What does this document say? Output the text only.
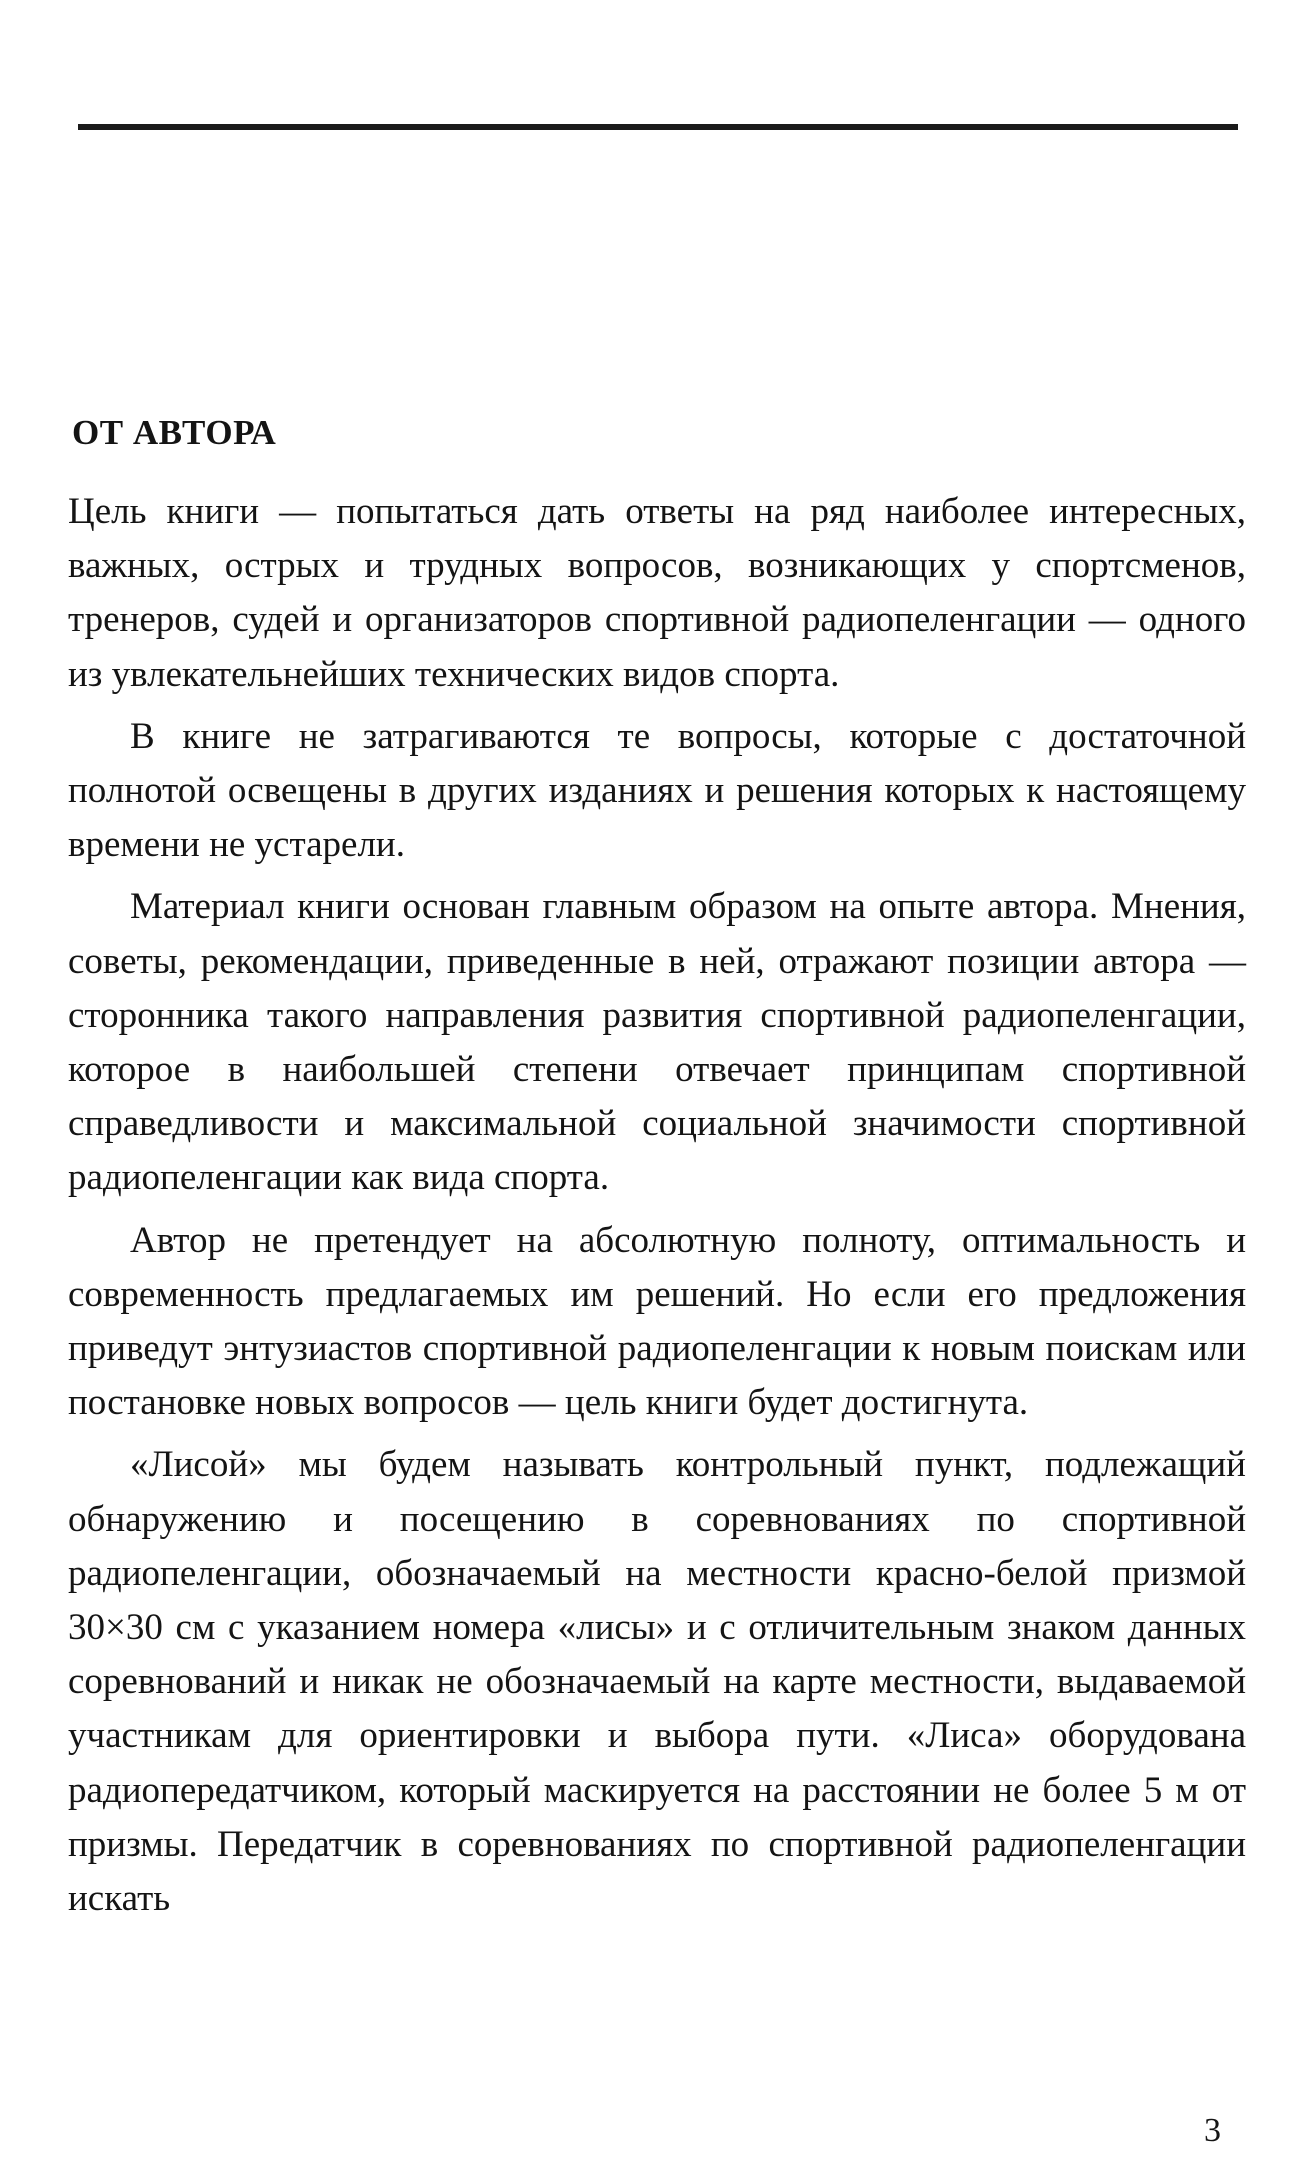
ОТ АВТОРА

Цель книги — попытаться дать ответы на ряд наиболее интересных, важных, острых и трудных вопросов, возникающих у спортсменов, тренеров, судей и организаторов спортивной радиопеленгации — одного из увлекательнейших технических видов спорта.

В книге не затрагиваются те вопросы, которые с достаточной полнотой освещены в других изданиях и решения которых к настоящему времени не устарели.

Материал книги основан главным образом на опыте автора. Мнения, советы, рекомендации, приведенные в ней, отражают позиции автора — сторонника такого направления развития спортивной радиопеленгации, которое в наибольшей степени отвечает принципам спортивной справедливости и максимальной социальной значимости спортивной радиопеленгации как вида спорта.

Автор не претендует на абсолютную полноту, оптимальность и современность предлагаемых им решений. Но если его предложения приведут энтузиастов спортивной радиопеленгации к новым поискам или постановке новых вопросов — цель книги будет достигнута.

«Лисой» мы будем называть контрольный пункт, подлежащий обнаружению и посещению в соревнованиях по спортивной радиопеленгации, обозначаемый на местности красно-белой призмой 30×30 см с указанием номера «лисы» и с отличительным знаком данных соревнований и никак не обозначаемый на карте местности, выдаваемой участникам для ориентировки и выбора пути. «Лиса» оборудована радиопередатчиком, который маскируется на расстоянии не более 5 м от призмы. Передатчик в соревнованиях по спортивной радиопеленгации искать

3
